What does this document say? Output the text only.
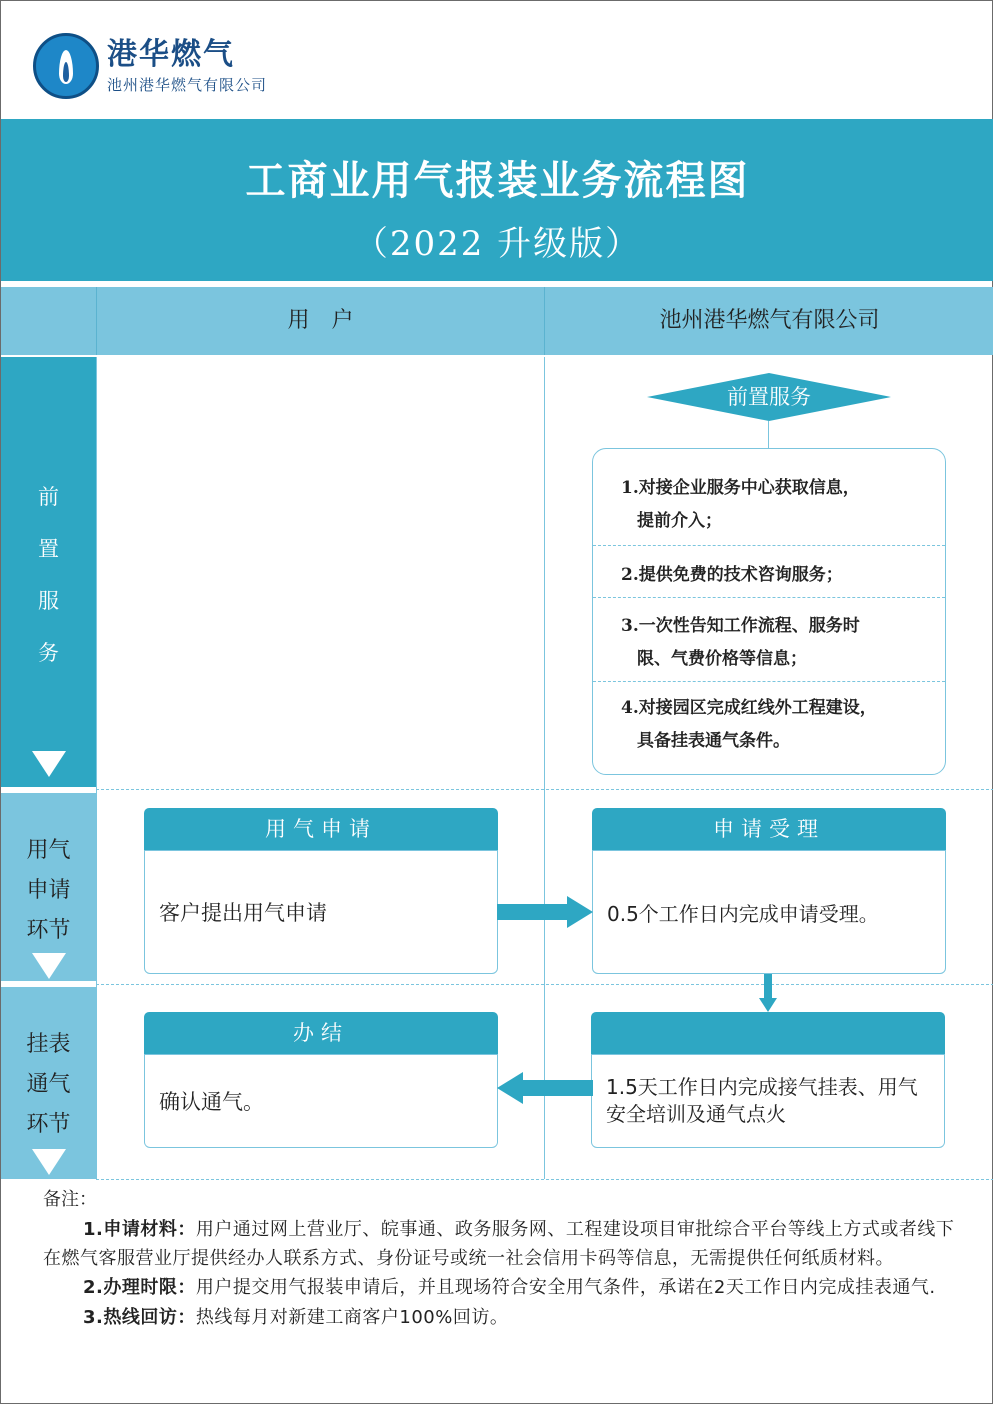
港华燃气
池州港华燃气有限公司
工商业用气报装业务流程图
（2022 升级版）
用　户	池州港华燃气有限公司
前
置
服
务
用气
申请
环节
挂表
通气
环节
前置服务
1.对接企业服务中心获取信息，
提前介入；
2.提供免费的技术咨询服务；
3.一次性告知工作流程、服务时
限、气费价格等信息；
4.对接园区完成红线外工程建设，
具备挂表通气条件。
用气申请
客户提出用气申请
申请受理
0.5个工作日内完成申请受理。
办结
确认通气。
1.5天工作日内完成接气挂表、用气安全培训及通气点火
备注：
1.申请材料：用户通过网上营业厅、皖事通、政务服务网、工程建设项目审批综合平台等线上方式或者线下在燃气客服营业厅提供经办人联系方式、身份证号或统一社会信用卡码等信息，无需提供任何纸质材料。
2.办理时限：用户提交用气报装申请后，并且现场符合安全用气条件，承诺在2天工作日内完成挂表通气.
3.热线回访：热线每月对新建工商客户100%回访。
